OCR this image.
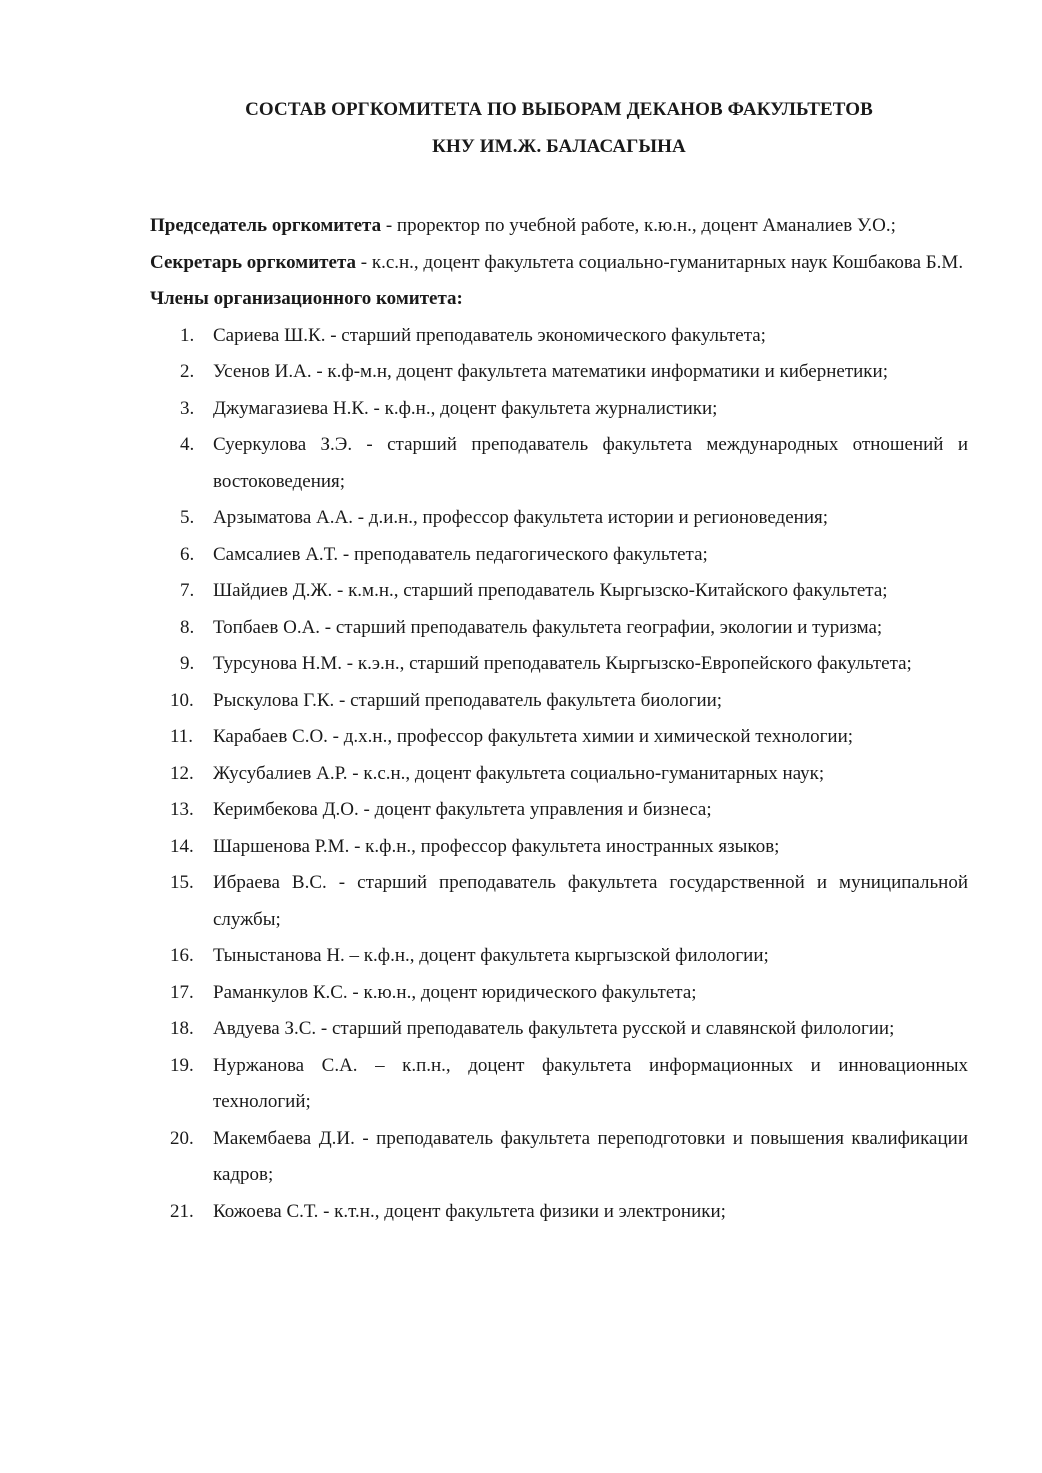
СОСТАВ ОРГКОМИТЕТА ПО ВЫБОРАМ ДЕКАНОВ ФАКУЛЬТЕТОВ
КНУ ИМ.Ж. БАЛАСАГЫНА

Председатель оргкомитета - проректор по учебной работе, к.ю.н., доцент Аманалиев У.О.;

Секретарь оргкомитета - к.с.н., доцент факультета социально-гуманитарных наук Кошбакова Б.М.

Члены организационного комитета:

1. Сариева Ш.К. - старший преподаватель экономического факультета;
2. Усенов И.А. - к.ф-м.н, доцент факультета математики информатики и кибернетики;
3. Джумагазиева Н.К. - к.ф.н., доцент факультета журналистики;
4. Суеркулова З.Э. - старший преподаватель факультета международных отношений и востоковедения;
5. Арзыматова А.А. - д.и.н., профессор факультета истории и регионоведения;
6. Самсалиев А.Т. - преподаватель педагогического факультета;
7. Шайдиев Д.Ж. - к.м.н., старший преподаватель Кыргызско-Китайского факультета;
8. Топбаев О.А. - старший преподаватель факультета географии, экологии и туризма;
9. Турсунова Н.М. - к.э.н., старший преподаватель Кыргызско-Европейского факультета;
10. Рыскулова Г.К. - старший преподаватель факультета биологии;
11. Карабаев С.О. - д.х.н., профессор факультета химии и химической технологии;
12. Жусубалиев А.Р. - к.с.н., доцент факультета социально-гуманитарных наук;
13. Керимбекова Д.О. - доцент факультета управления и бизнеса;
14. Шаршенова Р.М. - к.ф.н., профессор факультета иностранных языков;
15. Ибраева В.С. - старший преподаватель факультета государственной и муниципальной службы;
16. Тыныстанова Н. – к.ф.н., доцент факультета кыргызской филологии;
17. Раманкулов К.С. - к.ю.н., доцент юридического факультета;
18. Авдуева З.С. - старший преподаватель факультета русской и славянской филологии;
19. Нуржанова С.А. – к.п.н., доцент факультета информационных и инновационных технологий;
20. Макембаева Д.И. - преподаватель факультета переподготовки и повышения квалификации кадров;
21. Кожоева С.Т. - к.т.н., доцент факультета физики и электроники;
